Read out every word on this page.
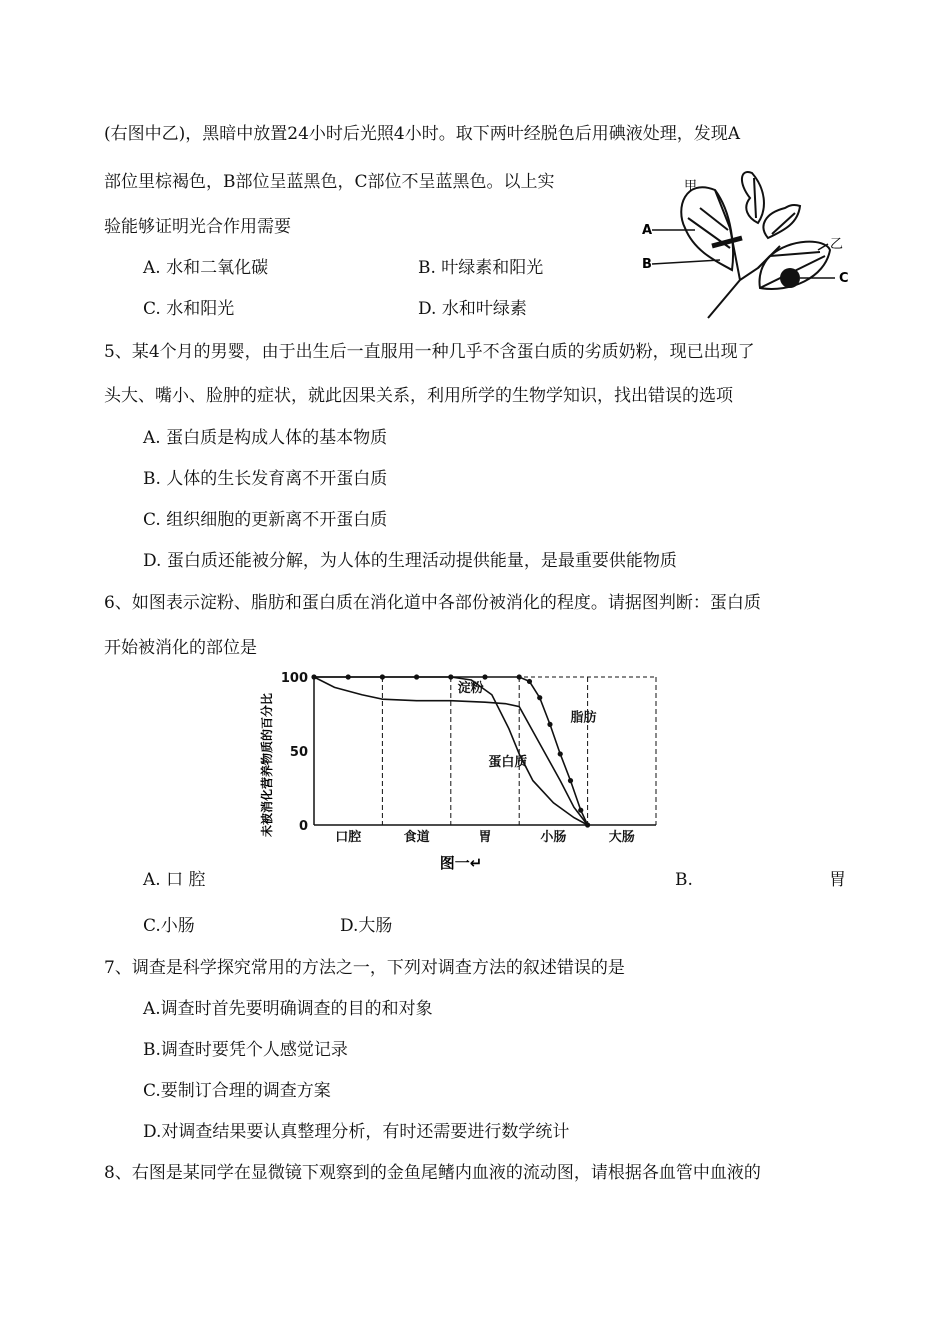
(右图中乙)，黑暗中放置24小时后光照4小时。取下两叶经脱色后用碘液处理，发现A
部位里棕褐色，B部位呈蓝黑色，C部位不呈蓝黑色。以上实
验能够证明光合作用需要
A. 水和二氧化碳	B. 叶绿素和阳光
C. 水和阳光	D. 水和叶绿素
甲
乙
A
B
C
5、某4个月的男婴，由于出生后一直服用一种几乎不含蛋白质的劣质奶粉，现已出现了
头大、嘴小、脸肿的症状，就此因果关系，利用所学的生物学知识，找出错误的选项
A. 蛋白质是构成人体的基本物质
B. 人体的生长发育离不开蛋白质
C. 组织细胞的更新离不开蛋白质
D. 蛋白质还能被分解，为人体的生理活动提供能量，是最重要供能物质
6、如图表示淀粉、脂肪和蛋白质在消化道中各部份被消化的程度。请据图判断：蛋白质
开始被消化的部位是
未被消化营养物质的百分比 0
50
100
口腔	食道	胃	小肠	大肠
淀粉
蛋白质
脂肪
图一↵
A. 口 腔	B.	胃
C.小肠	D.大肠
7、调查是科学探究常用的方法之一，下列对调查方法的叙述错误的是
A.调查时首先要明确调查的目的和对象
B.调查时要凭个人感觉记录
C.要制订合理的调查方案
D.对调查结果要认真整理分析，有时还需要进行数学统计
8、右图是某同学在显微镜下观察到的金鱼尾鳍内血液的流动图，请根据各血管中血液的
